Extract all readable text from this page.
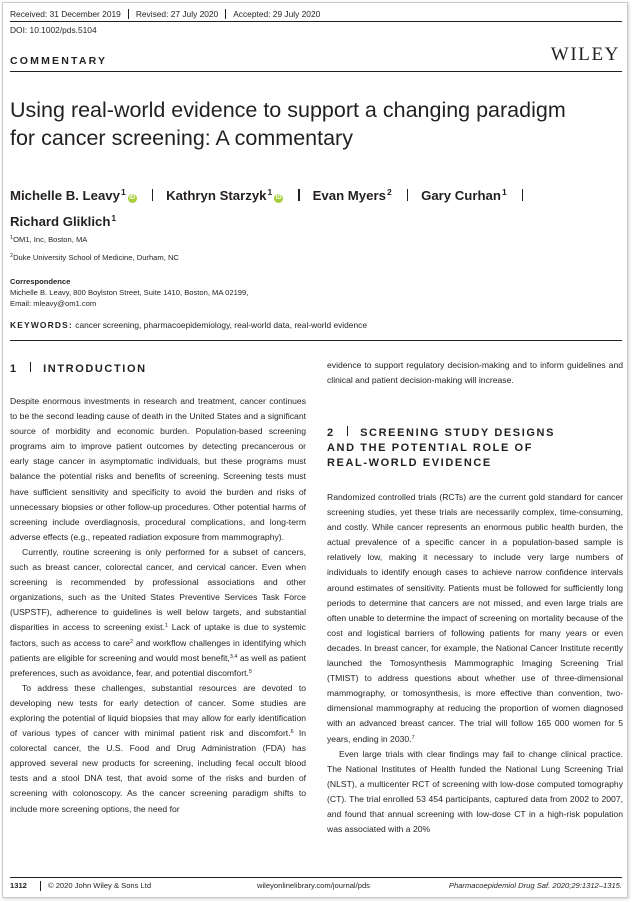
Received: 31 December 2019 Revised: 27 July 2020 Accepted: 29 July 2020
DOI: 10.1002/pds.5104
WILEY
COMMENTARY
Using real-world evidence to support a changing paradigm
for cancer screening: A commentary
Michelle B. Leavy$^1$iD Kathryn Starzyk$^1$iD Evan Myers$^2$ Gary Curhan$^1$
Richard Gliklich$^1$
$^1$OM1, Inc, Boston, MA
$^2$Duke University School of Medicine, Durham, NC
Correspondence
Michelle B. Leavy, 800 Boylston Street, Suite 1410, Boston, MA 02199,
Email: mleavy@om1.com
KEYWORDS: cancer screening, pharmacoepidemiology, real-world data, real-world evidence
1 INTRODUCTION

Despite enormous investments in research and treatment, cancer continues to be the second leading cause of death in the United States and a significant source of morbidity and economic burden. Population-based screening programs aim to improve patient outcomes by detecting precancerous or early stage cancer in asymptomatic individuals, but these programs must balance the potential risks and benefits of screening. Screening tests must have sufficient sensitivity and specificity to avoid the burden and risks of unnecessary biopsies or other follow-up procedures. Other potential harms of screening include overdiagnosis, procedural complications, and long-term adverse effects (e.g., repeated radiation exposure from mammography).

Currently, routine screening is only performed for a subset of cancers, such as breast cancer, colorectal cancer, and cervical cancer. Even when screening is recommended by professional associations and other organizations, such as the United States Preventive Services Task Force (USPSTF), adherence to guidelines is well below targets, and substantial disparities in access to screening exist.$^1$ Lack of uptake is due to systemic factors, such as access to care$^2$ and workflow challenges in identifying which patients are eligible for screening and would most benefit,$^{3,4}$ as well as patient preferences, such as avoidance, fear, and potential discomfort.$^5$

To address these challenges, substantial resources are devoted to developing new tests for early detection of cancer. Some studies are exploring the potential of liquid biopsies that may allow for early identification of various types of cancer with minimal patient risk and discomfort.$^6$ In colorectal cancer, the U.S. Food and Drug Administration (FDA) has approved several new products for screening, including fecal occult blood tests and a stool DNA test, that avoid some of the risks and burden of screening with colonoscopy. As the cancer screening paradigm shifts to include more screening options, the need for

evidence to support regulatory decision-making and to inform guidelines and clinical and patient decision-making will increase.

2 SCREENING STUDY DESIGNS
AND THE POTENTIAL ROLE OF
REAL-WORLD EVIDENCE

Randomized controlled trials (RCTs) are the current gold standard for cancer screening studies, yet these trials are necessarily complex, time-consuming, and costly. While cancer represents an enormous public health burden, the actual prevalence of a specific cancer in a population-based sample is relatively low, making it necessary to include very large numbers of individuals to identify enough cases to achieve narrow confidence intervals around estimates of sensitivity. Patients must be followed for sufficiently long periods to determine that cancers are not missed, and even large trials are often unable to determine the impact of screening on mortality because of the cost and logistical barriers of following patients for many years or even decades. In breast cancer, for example, the National Cancer Institute recently launched the Tomosynthesis Mammographic Imaging Screening Trial (TMIST) to address questions about whether use of three-dimensional mammography, or tomosynthesis, is more effective than convention, two-dimensional mammography at reducing the proportion of women diagnosed with an advanced breast cancer. The trial will follow 165 000 women for 5 years, ending in 2030.$^7$

Even large trials with clear findings may fail to change clinical practice. The National Institutes of Health funded the National Lung Screening Trial (NLST), a multicenter RCT of screening with low-dose computed tomography (CT). The trial enrolled 53 454 participants, captured data from 2002 to 2007, and found that annual screening with low-dose CT in a high-risk population was associated with a 20%

1312	© 2020 John Wiley & Sons Ltd	wileyonlinelibrary.com/journal/pds	Pharmacoepidemiol Drug Saf. 2020;29:1312–1315.
